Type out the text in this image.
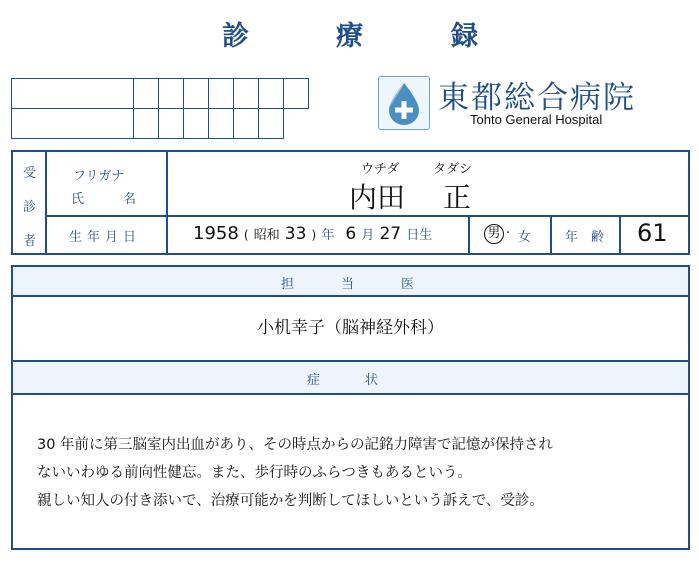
診	療	録

東都総合病院
Tohto General Hospital
受
診
者
フリガナ
氏	名
ウチダ	タダシ
内田 正
生 年 月 日	1958 ( 昭和 33 ) 年 6 月 27 日生	男 · 女	年 齢 61
担	当	医
小机幸子（脳神経外科）
症	状
30 年前に第三脳室内出血があり、その時点からの記銘力障害で記憶が保持され
ないいわゆる前向性健忘。また、歩行時のふらつきもあるという。
親しい知人の付き添いで、治療可能かを判断してほしいという訴えで、受診。
